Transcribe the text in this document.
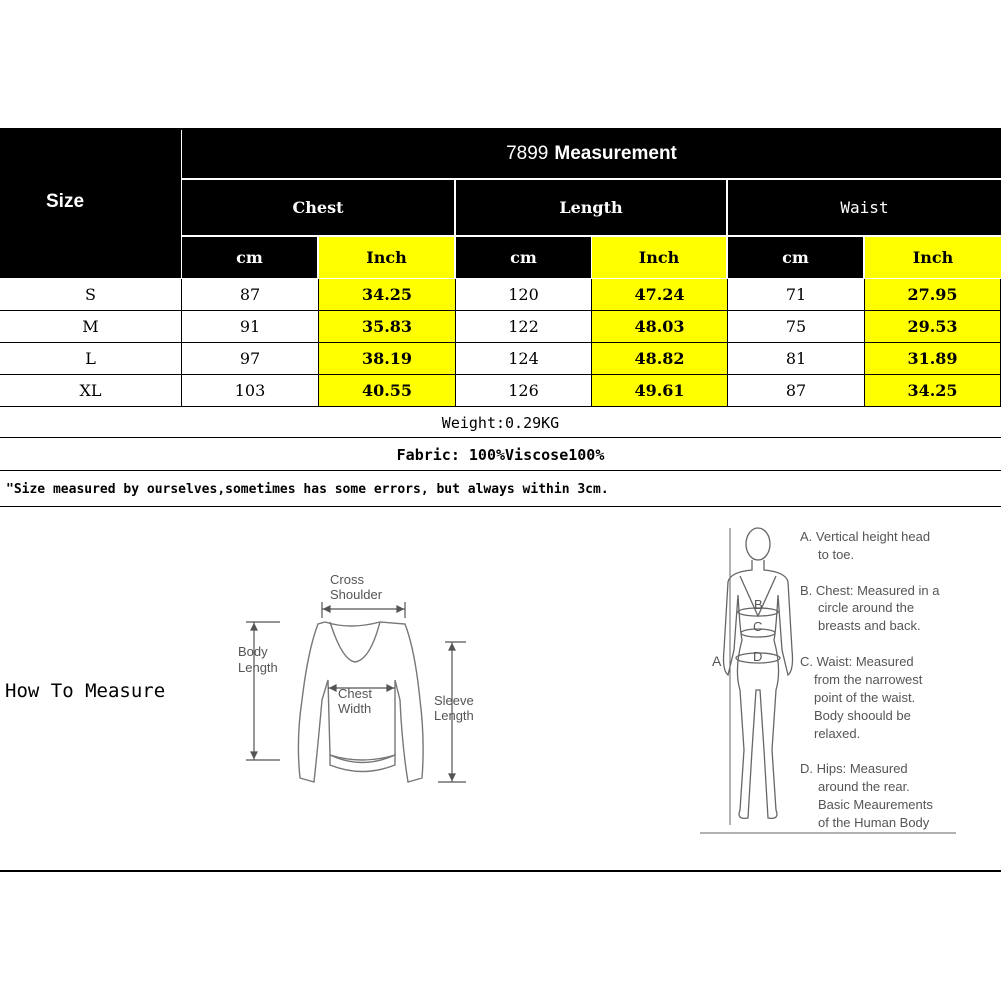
Size
7899 Measurement
Chest	Length	Waist
cm	Inch	cm	Inch	cm	Inch
S	87	34.25	120	47.24	71	27.95
M	91	35.83	122	48.03	75	29.53
L	97	38.19	124	48.82	81	31.89
XL	103	40.55	126	49.61	87	34.25
Weight:0.29KG
Fabric: 100%Viscose100%
"Size measured by ourselves,sometimes has some errors, but always within 3cm.
How To Measure
Cross
Shoulder
Body
Length
Chest
Width
Sleeve
Length
A
B
C
D
A. Vertical height head
to toe.
B. Chest: Measured in a
circle around the
breasts and back.
C. Waist: Measured
from the narrowest
point of the waist.
Body shoould be
relaxed.
D. Hips: Measured
around the rear.
Basic Meaurements
of the Human Body
